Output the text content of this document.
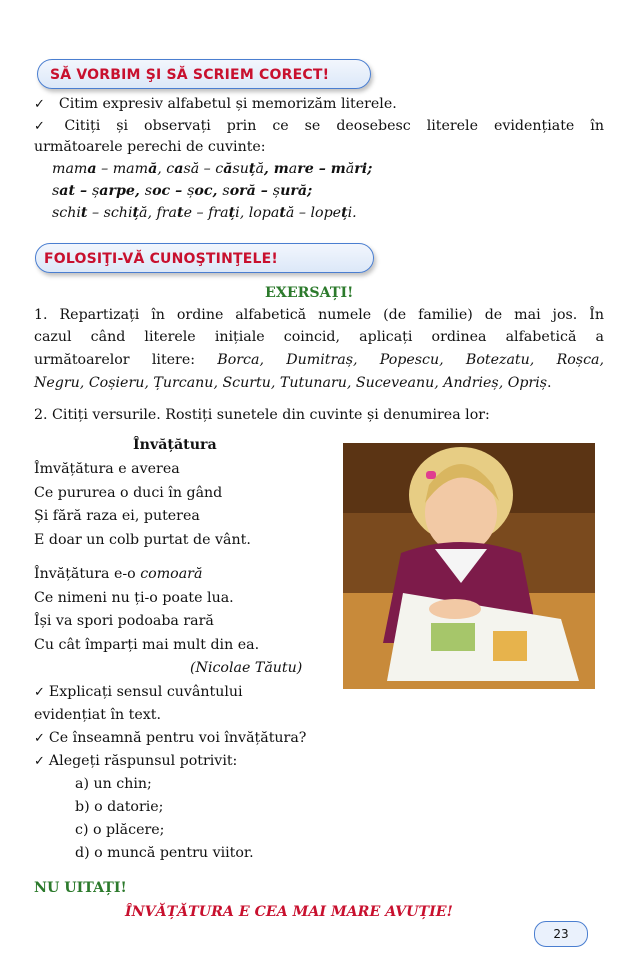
SĂ VORBIM ŞI SĂ SCRIEM CORECT!
✓ Citim expresiv alfabetul și memorizăm literele.
✓ Citiți și observați prin ce se deosebesc literele evidențiate în
următoarele perechi de cuvinte:
mama – mamă, casă – căsuță, mare – mări;
sat – șarpe, soc – șoc, soră – șură;
schit – schiță, frate – frați, lopată – lopeți.
FOLOSIŢI-VĂ CUNOŞTINŢELE!
EXERSAȚI!
1. Repartizați în ordine alfabetică numele (de familie) de mai jos. În
cazul când literele inițiale coincid, aplicați ordinea alfabetică a
următoarelor litere: Borca, Dumitraș, Popescu, Botezatu, Roșca,
Negru, Coșieru, Țurcanu, Scurtu, Tutunaru, Suceveanu, Andrieș, Opriș.
2. Citiți versurile. Rostiți sunetele din cuvinte și denumirea lor:
Învățătura
Îmvățătura e averea
Ce pururea o duci în gând
Și fără raza ei, puterea
E doar un colb purtat de vânt.
Învățătura e-o comoară
Ce nimeni nu ți-o poate lua.
Își va spori podoaba rară
Cu cât împarți mai mult din ea.
(Nicolae Tăutu)
✓ Explicați sensul cuvântului
evidențiat în text.
✓ Ce înseamnă pentru voi învățătura?
✓ Alegeți răspunsul potrivit:
a) un chin;
b) o datorie;
c) o plăcere;
d) o muncă pentru viitor.
NU UITAȚI!
ÎNVĂȚĂTURA E CEA MAI MARE AVUȚIE!
23
